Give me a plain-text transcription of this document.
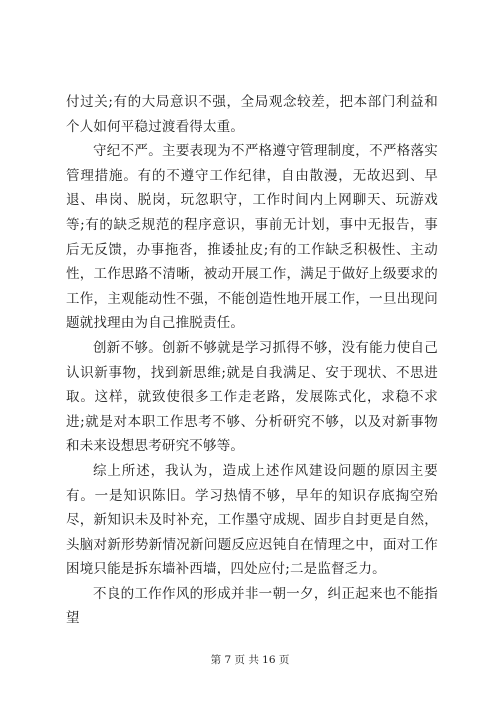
付过关;有的大局意识不强，全局观念较差，把本部门利益和个人如何平稳过渡看得太重。

守纪不严。主要表现为不严格遵守管理制度，不严格落实管理措施。有的不遵守工作纪律，自由散漫，无故迟到、早退、串岗、脱岗，玩忽职守，工作时间内上网聊天、玩游戏等;有的缺乏规范的程序意识，事前无计划，事中无报告，事后无反馈，办事拖沓，推诿扯皮;有的工作缺乏积极性、主动性，工作思路不清晰，被动开展工作，满足于做好上级要求的工作，主观能动性不强，不能创造性地开展工作，一旦出现问题就找理由为自己推脱责任。

创新不够。创新不够就是学习抓得不够，没有能力使自己认识新事物，找到新思维;就是自我满足、安于现状、不思进取。这样，就致使很多工作走老路，发展陈式化，求稳不求进;就是对本职工作思考不够、分析研究不够，以及对新事物和未来设想思考研究不够等。

综上所述，我认为，造成上述作风建设问题的原因主要有。一是知识陈旧。学习热情不够，早年的知识存底掏空殆尽，新知识未及时补充，工作墨守成规、固步自封更是自然，头脑对新形势新情况新问题反应迟钝自在情理之中，面对工作困境只能是拆东墙补西墙，四处应付;二是监督乏力。

不良的工作作风的形成并非一朝一夕，纠正起来也不能指望

第 7 页 共 16 页
